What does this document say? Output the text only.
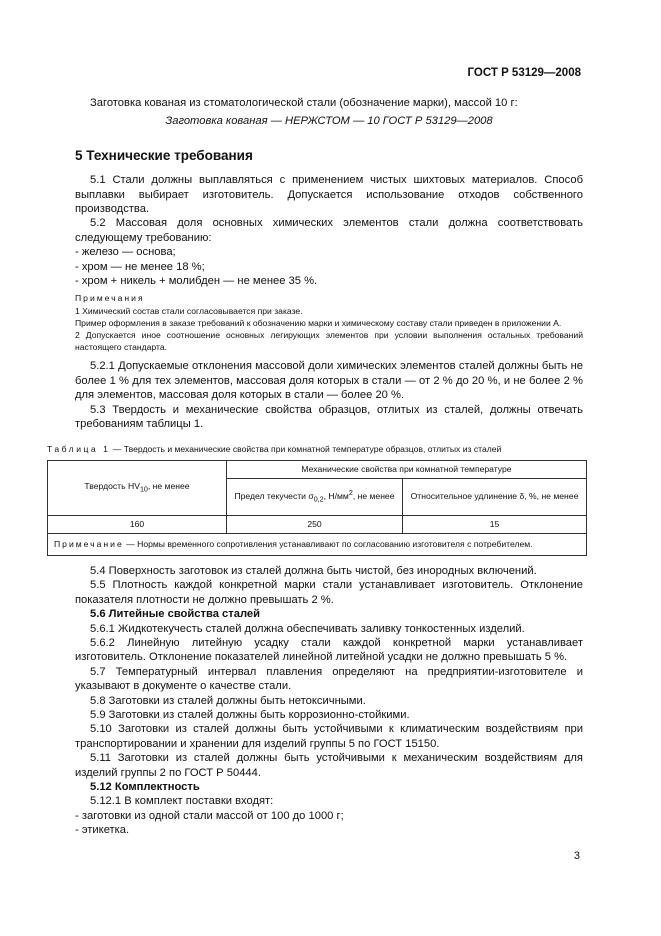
ГОСТ Р 53129—2008

Заготовка кованая из стоматологической стали (обозначение марки), массой 10 г:

Заготовка кованая — НЕРЖСТОМ — 10 ГОСТ Р 53129—2008

5 Технические требования

5.1 Стали должны выплавляться с применением чистых шихтовых материалов. Способ выплавки выбирает изготовитель. Допускается использование отходов собственного производства.

5.2 Массовая доля основных химических элементов стали должна соответствовать следующему требованию:

- железо — основа;

- хром — не менее 18 %;

- хром + никель + молибден — не менее 35 %.

Примечания

1 Химический состав стали согласовывается при заказе.

Пример оформления в заказе требований к обозначению марки и химическому составу стали приведен в приложении А.

2 Допускается иное соотношение основных легирующих элементов при условии выполнения остальных требований настоящего стандарта.

5.2.1 Допускаемые отклонения массовой доли химических элементов сталей должны быть не более 1 % для тех элементов, массовая доля которых в стали — от 2 % до 20 %, и не более 2 % для элементов, массовая доля которых в стали — более 20 %.

5.3 Твердость и механические свойства образцов, отлитых из сталей, должны отвечать требованиям таблицы 1.

Таблица 1 — Твердость и механические свойства при комнатной температуре образцов, отлитых из сталей
Твердость $HV_{10}$, не менее	Механические свойства при комнатной температуре	
	Предел текучести $\sigma_{0,2}$, $Н/мм^2$, не менее	Относительное удлинение δ, %, не менее
160	250	15
Примечание — Нормы временного сопротивления устанавливают по согласованию изготовителя с потребителем.		

5.4 Поверхность заготовок из сталей должна быть чистой, без инородных включений.

5.5 Плотность каждой конкретной марки стали устанавливает изготовитель. Отклонение показателя плотности не должно превышать 2 %.

5.6 Литейные свойства сталей

5.6.1 Жидкотекучесть сталей должна обеспечивать заливку тонкостенных изделий.

5.6.2 Линейную литейную усадку стали каждой конкретной марки устанавливает изготовитель. Отклонение показателей линейной литейной усадки не должно превышать 5 %.

5.7 Температурный интервал плавления определяют на предприятии-изготовителе и указывают в документе о качестве стали.

5.8 Заготовки из сталей должны быть нетоксичными.

5.9 Заготовки из сталей должны быть коррозионно-стойкими.

5.10 Заготовки из сталей должны быть устойчивыми к климатическим воздействиям при транспортировании и хранении для изделий группы 5 по ГОСТ 15150.

5.11 Заготовки из сталей должны быть устойчивыми к механическим воздействиям для изделий группы 2 по ГОСТ Р 50444.

5.12 Комплектность

5.12.1 В комплект поставки входят:

- заготовки из одной стали массой от 100 до 1000 г;

- этикетка.

3
